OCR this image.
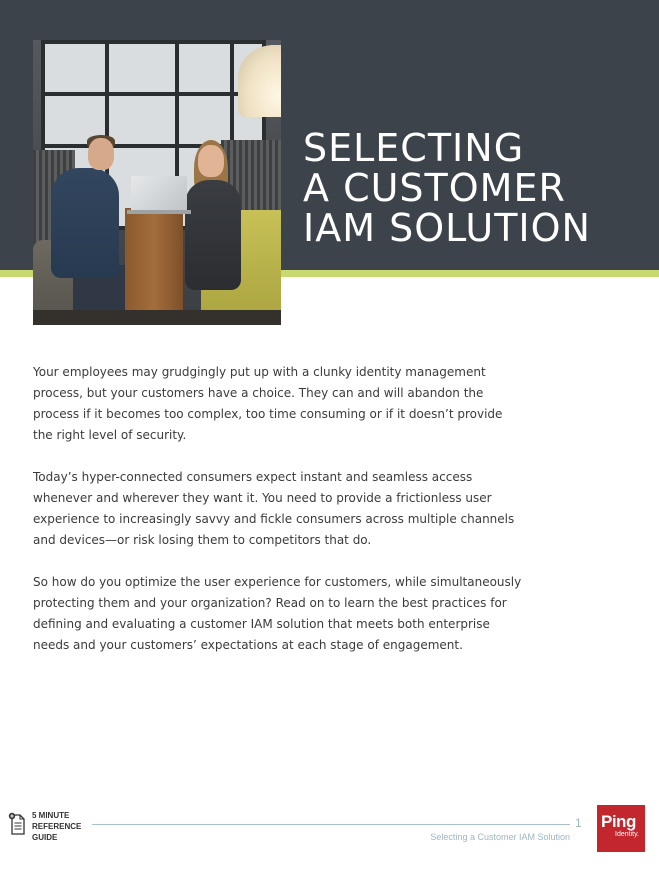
SELECTING
A CUSTOMER
IAM SOLUTION

Your employees may grudgingly put up with a clunky identity management
process, but your customers have a choice. They can and will abandon the
process if it becomes too complex, too time consuming or if it doesn’t provide
the right level of security.

Today’s hyper-connected consumers expect instant and seamless access
whenever and wherever they want it. You need to provide a frictionless user
experience to increasingly savvy and fickle consumers across multiple channels
and devices—or risk losing them to competitors that do.

So how do you optimize the user experience for customers, while simultaneously
protecting them and your organization? Read on to learn the best practices for
defining and evaluating a customer IAM solution that meets both enterprise
needs and your customers’ expectations at each stage of engagement.

5 MINUTE
REFERENCE
GUIDE
1
Selecting a Customer IAM Solution
Ping
Identity.
